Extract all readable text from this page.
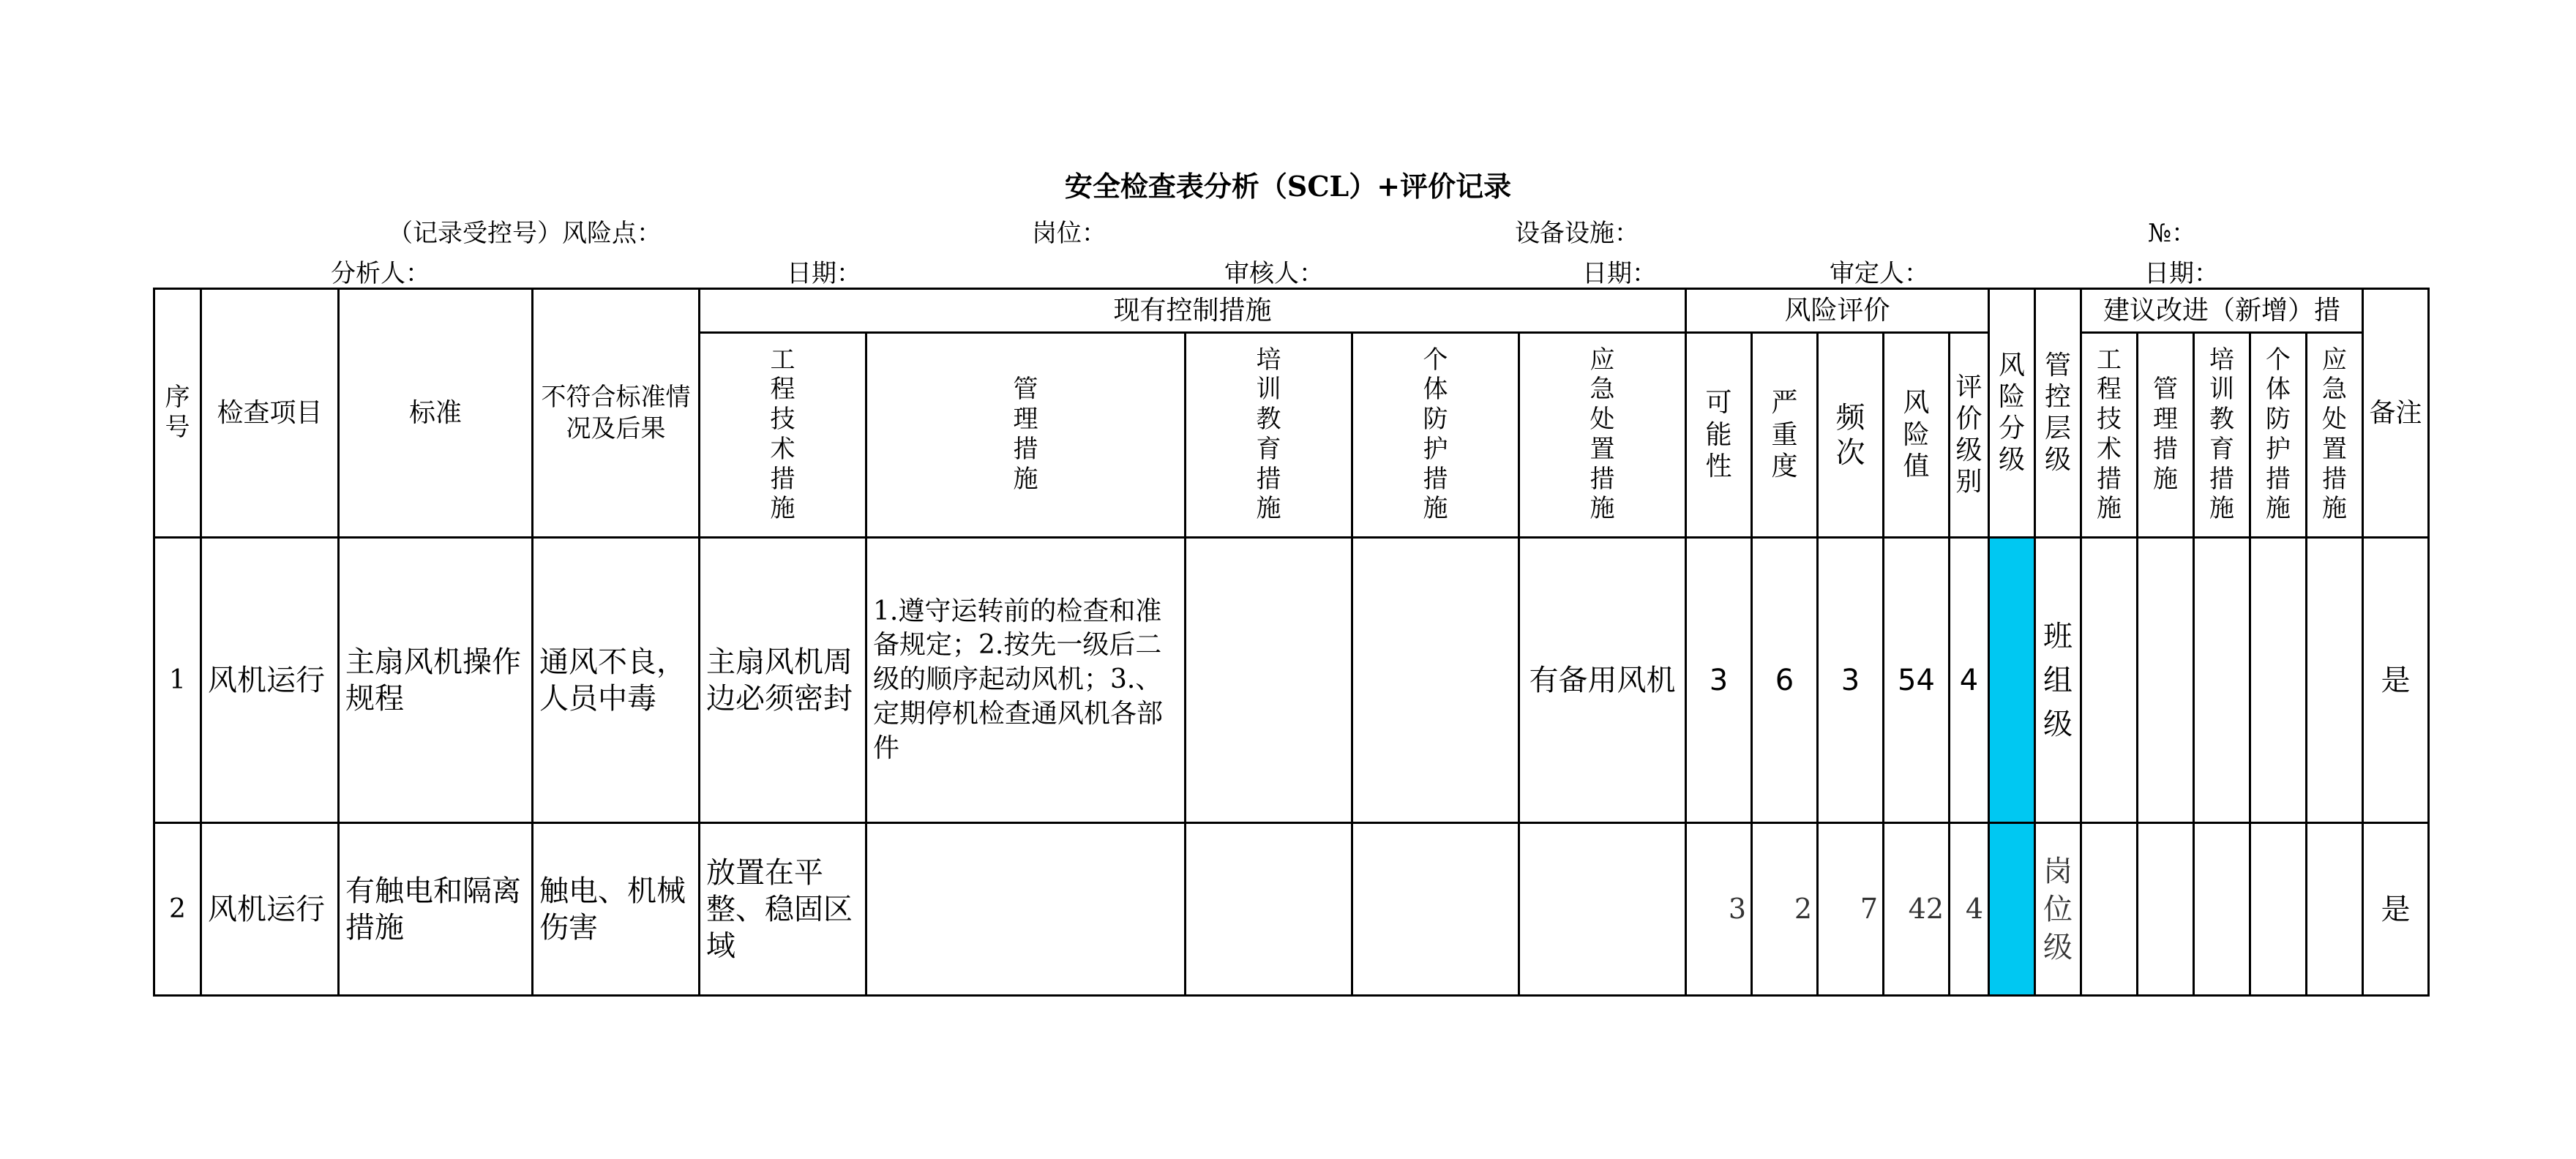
安全检查表分析（SCL）+评价记录
（记录受控号）风险点：	岗位：	设备设施：	№：
分析人：	日期：	审核人：	日期：	审定人：	日期：
序号	检查项目	标准	不符合标准情况及后果	现有控制措施					风险评价					风险分级	管控层级	建议改进（新增）措					备注
				工程技术措施	管理措施	培训教育措施	个体防护措施	应急处置措施	可能性	严重度	频次	风险值	评价级别			工程技术措施	管理措施	培训教育措施	个体防护措施	应急处置措施	
1	风机运行	主扇风机操作规程	通风不良，人员中毒	主扇风机周边必须密封	1.遵守运转前的检查和准备规定；2.按先一级后二级的顺序起动风机；3.、定期停机检查通风机各部件			有备用风机	3	6	3	54	4		班组级						是
2	风机运行	有触电和隔离措施	触电、机械伤害	放置在平整、稳固区域					3	2	7	42	4		岗位级						是
